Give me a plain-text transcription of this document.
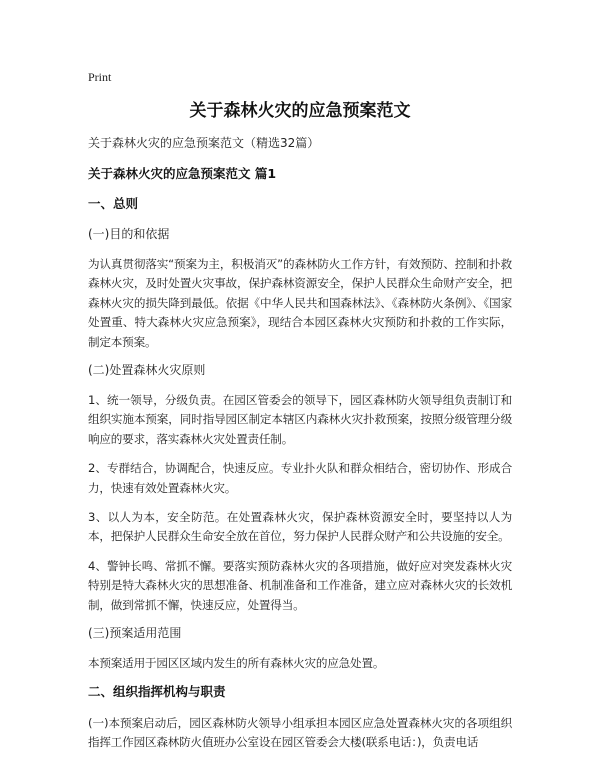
Print
关于森林火灾的应急预案范文
关于森林火灾的应急预案范文（精选32篇）
关于森林火灾的应急预案范文 篇1
一、总则
(一)目的和依据

为认真贯彻落实“预案为主，积极消灭”的森林防火工作方针，有效预防、控制和扑救森林火灾，及时处置火灾事故，保护森林资源安全，保护人民群众生命财产安全，把森林火灾的损失降到最低。依据《中华人民共和国森林法》、《森林防火条例》、《国家处置重、特大森林火灾应急预案》，现结合本园区森林火灾预防和扑救的工作实际，制定本预案。

(二)处置森林火灾原则

1、统一领导，分级负责。在园区管委会的领导下，园区森林防火领导组负责制订和组织实施本预案，同时指导园区制定本辖区内森林火灾扑救预案，按照分级管理分级响应的要求，落实森林火灾处置责任制。

2、专群结合，协调配合，快速反应。专业扑火队和群众相结合，密切协作、形成合力，快速有效处置森林火灾。

3、以人为本，安全防范。在处置森林火灾，保护森林资源安全时，要坚持以人为本，把保护人民群众生命安全放在首位，努力保护人民群众财产和公共设施的安全。

4、警钟长鸣、常抓不懈。要落实预防森林火灾的各项措施，做好应对突发森林火灾特别是特大森林火灾的思想准备、机制准备和工作准备，建立应对森林火灾的长效机制，做到常抓不懈，快速反应，处置得当。

(三)预案适用范围

本预案适用于园区区域内发生的所有森林火灾的应急处置。

二、组织指挥机构与职责

(一)本预案启动后，园区森林防火领导小组承担本园区应急处置森林火灾的各项组织指挥工作园区森林防火值班办公室设在园区管委会大楼(联系电话：)，负责电话
